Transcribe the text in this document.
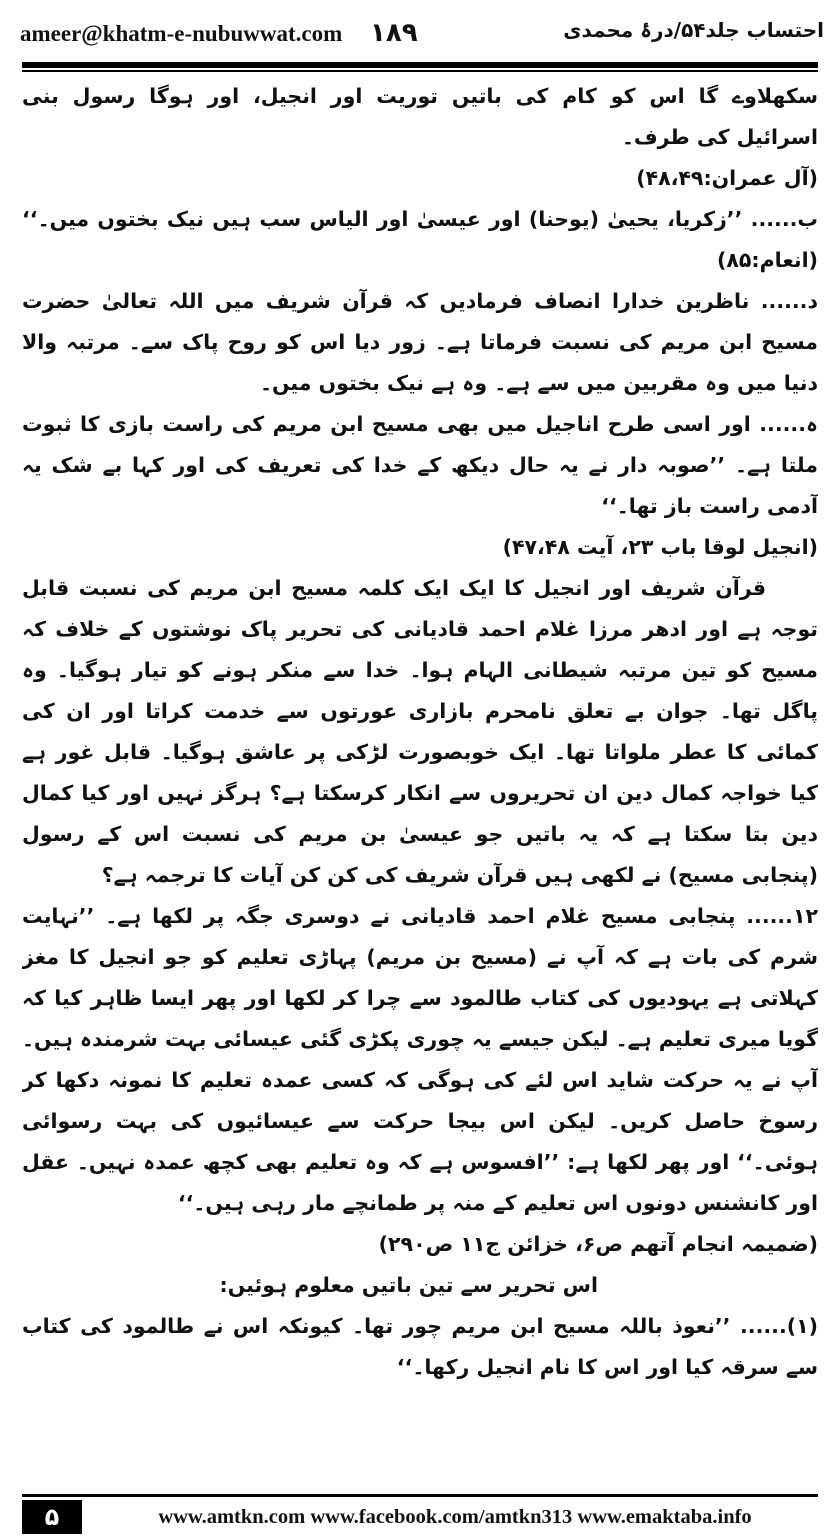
ameer@khatm-e-nubuwwat.com ۱۸۹	احتساب جلد۵۴/درۂ محمدی

سکھلاوے گا اس کو کام کی باتیں توریت اور انجیل، اور ہوگا رسول بنی اسرائیل کی طرف۔

(آل عمران:۴۸،۴۹)

ب...... ’’زکریا، یحییٰ (یوحنا) اور عیسیٰ اور الیاس سب ہیں نیک بختوں میں۔‘‘ (انعام:۸۵)

د...... ناظرین خدارا انصاف فرمادیں کہ قرآن شریف میں اللہ تعالیٰ حضرت مسیح ابن مریم کی نسبت فرماتا ہے۔ زور دیا اس کو روح پاک سے۔ مرتبہ والا دنیا میں وہ مقربین میں سے ہے۔ وہ ہے نیک بختوں میں۔

ہ...... اور اسی طرح اناجیل میں بھی مسیح ابن مریم کی راست بازی کا ثبوت ملتا ہے۔ ’’صوبہ دار نے یہ حال دیکھ کے خدا کی تعریف کی اور کہا بے شک یہ آدمی راست باز تھا۔‘‘

(انجیل لوقا باب ۲۳، آیت ۴۷،۴۸)

قرآن شریف اور انجیل کا ایک ایک کلمہ مسیح ابن مریم کی نسبت قابل توجہ ہے اور ادھر مرزا غلام احمد قادیانی کی تحریر پاک نوشتوں کے خلاف کہ مسیح کو تین مرتبہ شیطانی الہام ہوا۔ خدا سے منکر ہونے کو تیار ہوگیا۔ وہ پاگل تھا۔ جوان بے تعلق نامحرم بازاری عورتوں سے خدمت کراتا اور ان کی کمائی کا عطر ملواتا تھا۔ ایک خوبصورت لڑکی پر عاشق ہوگیا۔ قابل غور ہے کیا خواجہ کمال دین ان تحریروں سے انکار کرسکتا ہے؟ ہرگز نہیں اور کیا کمال دین بتا سکتا ہے کہ یہ باتیں جو عیسیٰ بن مریم کی نسبت اس کے رسول (پنجابی مسیح) نے لکھی ہیں قرآن شریف کی کن کن آیات کا ترجمہ ہے؟

۱۲...... پنجابی مسیح غلام احمد قادیانی نے دوسری جگہ پر لکھا ہے۔ ’’نہایت شرم کی بات ہے کہ آپ نے (مسیح بن مریم) پہاڑی تعلیم کو جو انجیل کا مغز کہلاتی ہے یہودیوں کی کتاب طالمود سے چرا کر لکھا اور پھر ایسا ظاہر کیا کہ گویا میری تعلیم ہے۔ لیکن جیسے یہ چوری پکڑی گئی عیسائی بہت شرمندہ ہیں۔ آپ نے یہ حرکت شاید اس لئے کی ہوگی کہ کسی عمدہ تعلیم کا نمونہ دکھا کر رسوخ حاصل کریں۔ لیکن اس بیجا حرکت سے عیسائیوں کی بہت رسوائی ہوئی۔‘‘ اور پھر لکھا ہے: ’’افسوس ہے کہ وہ تعلیم بھی کچھ عمدہ نہیں۔ عقل اور کانشنس دونوں اس تعلیم کے منہ پر طمانچے مار رہی ہیں۔‘‘

(ضمیمہ انجام آتھم ص۶، خزائن ج۱۱ ص۲۹۰)

اس تحریر سے تین باتیں معلوم ہوئیں:

(۱)...... ’’نعوذ باللہ مسیح ابن مریم چور تھا۔ کیونکہ اس نے طالمود کی کتاب سے سرقہ کیا اور اس کا نام انجیل رکھا۔‘‘

۵	www.amtkn.com www.facebook.com/amtkn313 www.emaktaba.info
